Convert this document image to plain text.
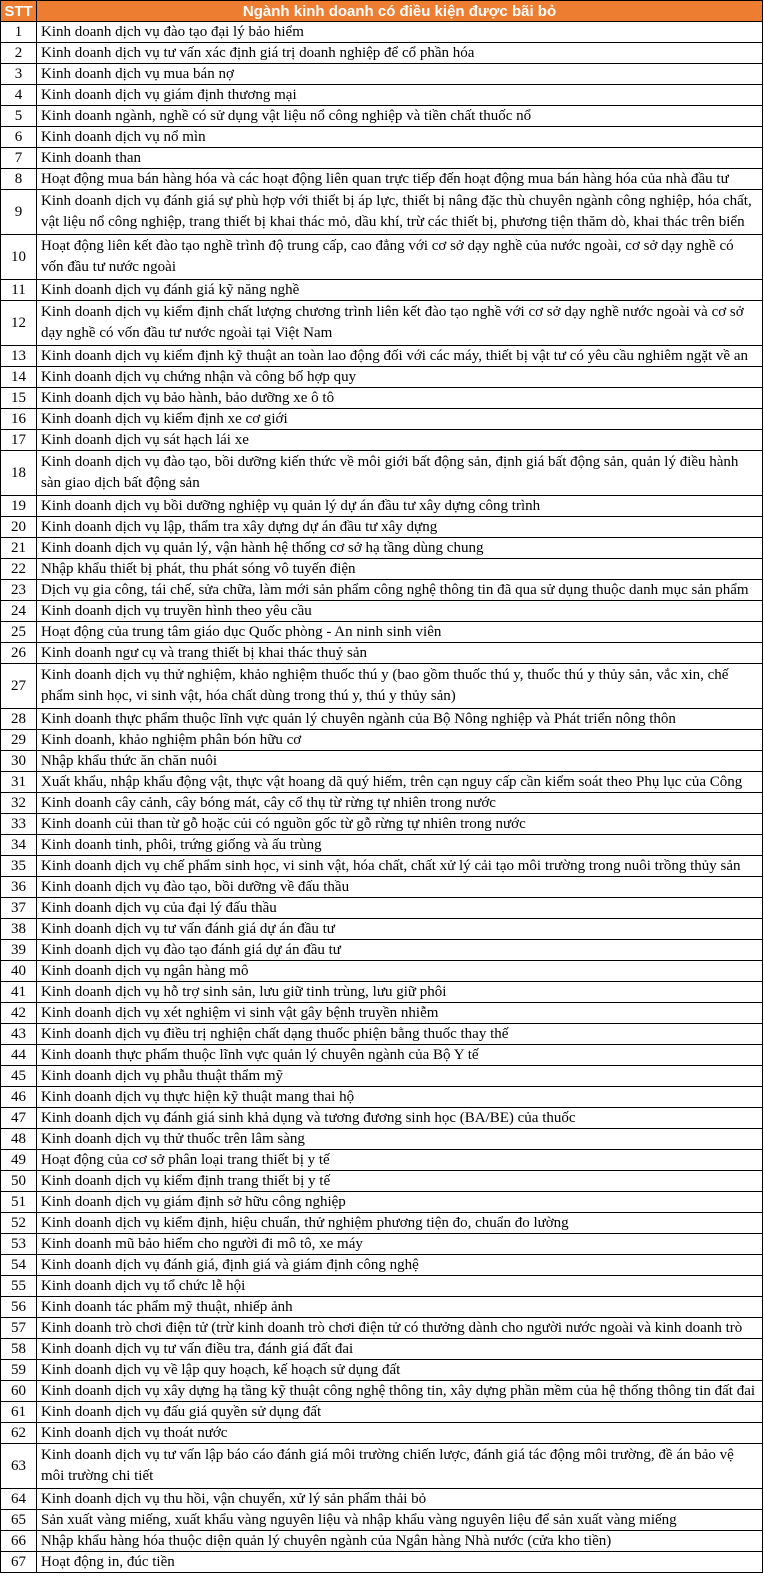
STT	Ngành kinh doanh có điều kiện được bãi bỏ
1	Kinh doanh dịch vụ đào tạo đại lý bảo hiểm
2	Kinh doanh dịch vụ tư vấn xác định giá trị doanh nghiệp để cổ phần hóa
3	Kinh doanh dịch vụ mua bán nợ
4	Kinh doanh dịch vụ giám định thương mại
5	Kinh doanh ngành, nghề có sử dụng vật liệu nổ công nghiệp và tiền chất thuốc nổ
6	Kinh doanh dịch vụ nổ mìn
7	Kinh doanh than
8	Hoạt động mua bán hàng hóa và các hoạt động liên quan trực tiếp đến hoạt động mua bán hàng hóa của nhà đầu tư
9	Kinh doanh dịch vụ đánh giá sự phù hợp với thiết bị áp lực, thiết bị nâng đặc thù chuyên ngành công nghiệp, hóa chất, vật liệu nổ công nghiệp, trang thiết bị khai thác mỏ, dầu khí, trừ các thiết bị, phương tiện thăm dò, khai thác trên biển
10	Hoạt động liên kết đào tạo nghề trình độ trung cấp, cao đẳng với cơ sở dạy nghề của nước ngoài, cơ sở dạy nghề có vốn đầu tư nước ngoài
11	Kinh doanh dịch vụ đánh giá kỹ năng nghề
12	Kinh doanh dịch vụ kiểm định chất lượng chương trình liên kết đào tạo nghề với cơ sở dạy nghề nước ngoài và cơ sở dạy nghề có vốn đầu tư nước ngoài tại Việt Nam
13	Kinh doanh dịch vụ kiểm định kỹ thuật an toàn lao động đối với các máy, thiết bị vật tư có yêu cầu nghiêm ngặt về an
14	Kinh doanh dịch vụ chứng nhận và công bố hợp quy
15	Kinh doanh dịch vụ bảo hành, bảo dưỡng xe ô tô
16	Kinh doanh dịch vụ kiểm định xe cơ giới
17	Kinh doanh dịch vụ sát hạch lái xe
18	Kinh doanh dịch vụ đào tạo, bồi dưỡng kiến thức về môi giới bất động sản, định giá bất động sản, quản lý điều hành sàn giao dịch bất động sản
19	Kinh doanh dịch vụ bồi dưỡng nghiệp vụ quản lý dự án đầu tư xây dựng công trình
20	Kinh doanh dịch vụ lập, thẩm tra xây dựng dự án đầu tư xây dựng
21	Kinh doanh dịch vụ quản lý, vận hành hệ thống cơ sở hạ tầng dùng chung
22	Nhập khẩu thiết bị phát, thu phát sóng vô tuyến điện
23	Dịch vụ gia công, tái chế, sửa chữa, làm mới sản phẩm công nghệ thông tin đã qua sử dụng thuộc danh mục sản phẩm
24	Kinh doanh dịch vụ truyền hình theo yêu cầu
25	Hoạt động của trung tâm giáo dục Quốc phòng - An ninh sinh viên
26	Kinh doanh ngư cụ và trang thiết bị khai thác thuỷ sản
27	Kinh doanh dịch vụ thử nghiệm, khảo nghiệm thuốc thú y (bao gồm thuốc thú y, thuốc thú y thủy sản, vắc xin, chế phẩm sinh học, vi sinh vật, hóa chất dùng trong thú y, thú y thủy sản)
28	Kinh doanh thực phẩm thuộc lĩnh vực quản lý chuyên ngành của Bộ Nông nghiệp và Phát triển nông thôn
29	Kinh doanh, khảo nghiệm phân bón hữu cơ
30	Nhập khẩu thức ăn chăn nuôi
31	Xuất khẩu, nhập khẩu động vật, thực vật hoang dã quý hiếm, trên cạn nguy cấp cần kiểm soát theo Phụ lục của Công
32	Kinh doanh cây cảnh, cây bóng mát, cây cổ thụ từ rừng tự nhiên trong nước
33	Kinh doanh củi than từ gỗ hoặc củi có nguồn gốc từ gỗ rừng tự nhiên trong nước
34	Kinh doanh tinh, phôi, trứng giống và ấu trùng
35	Kinh doanh dịch vụ chế phẩm sinh học, vi sinh vật, hóa chất, chất xử lý cải tạo môi trường trong nuôi trồng thủy sản
36	Kinh doanh dịch vụ đào tạo, bồi dưỡng về đấu thầu
37	Kinh doanh dịch vụ của đại lý đấu thầu
38	Kinh doanh dịch vụ tư vấn đánh giá dự án đầu tư
39	Kinh doanh dịch vụ đào tạo đánh giá dự án đầu tư
40	Kinh doanh dịch vụ ngân hàng mô
41	Kinh doanh dịch vụ hỗ trợ sinh sản, lưu giữ tinh trùng, lưu giữ phôi
42	Kinh doanh dịch vụ xét nghiệm vi sinh vật gây bệnh truyền nhiễm
43	Kinh doanh dịch vụ điều trị nghiện chất dạng thuốc phiện bằng thuốc thay thế
44	Kinh doanh thực phẩm thuộc lĩnh vực quản lý chuyên ngành của Bộ Y tế
45	Kinh doanh dịch vụ phẫu thuật thẩm mỹ
46	Kinh doanh dịch vụ thực hiện kỹ thuật mang thai hộ
47	Kinh doanh dịch vụ đánh giá sinh khả dụng và tương đương sinh học (BA/BE) của thuốc
48	Kinh doanh dịch vụ thử thuốc trên lâm sàng
49	Hoạt động của cơ sở phân loại trang thiết bị y tế
50	Kinh doanh dịch vụ kiểm định trang thiết bị y tế
51	Kinh doanh dịch vụ giám định sở hữu công nghiệp
52	Kinh doanh dịch vụ kiểm định, hiệu chuẩn, thử nghiệm phương tiện đo, chuẩn đo lường
53	Kinh doanh mũ bảo hiểm cho người đi mô tô, xe máy
54	Kinh doanh dịch vụ đánh giá, định giá và giám định công nghệ
55	Kinh doanh dịch vụ tổ chức lễ hội
56	Kinh doanh tác phẩm mỹ thuật, nhiếp ảnh
57	Kinh doanh trò chơi điện tử (trừ kinh doanh trò chơi điện tử có thưởng dành cho người nước ngoài và kinh doanh trò
58	Kinh doanh dịch vụ tư vấn điều tra, đánh giá đất đai
59	Kinh doanh dịch vụ về lập quy hoạch, kế hoạch sử dụng đất
60	Kinh doanh dịch vụ xây dựng hạ tầng kỹ thuật công nghệ thông tin, xây dựng phần mềm của hệ thống thông tin đất đai
61	Kinh doanh dịch vụ đấu giá quyền sử dụng đất
62	Kinh doanh dịch vụ thoát nước
63	Kinh doanh dịch vụ tư vấn lập báo cáo đánh giá môi trường chiến lược, đánh giá tác động môi trường, đề án bảo vệ môi trường chi tiết
64	Kinh doanh dịch vụ thu hồi, vận chuyển, xử lý sản phẩm thải bỏ
65	Sản xuất vàng miếng, xuất khẩu vàng nguyên liệu và nhập khẩu vàng nguyên liệu để sản xuất vàng miếng
66	Nhập khẩu hàng hóa thuộc diện quản lý chuyên ngành của Ngân hàng Nhà nước (cửa kho tiền)
67	Hoạt động in, đúc tiền
